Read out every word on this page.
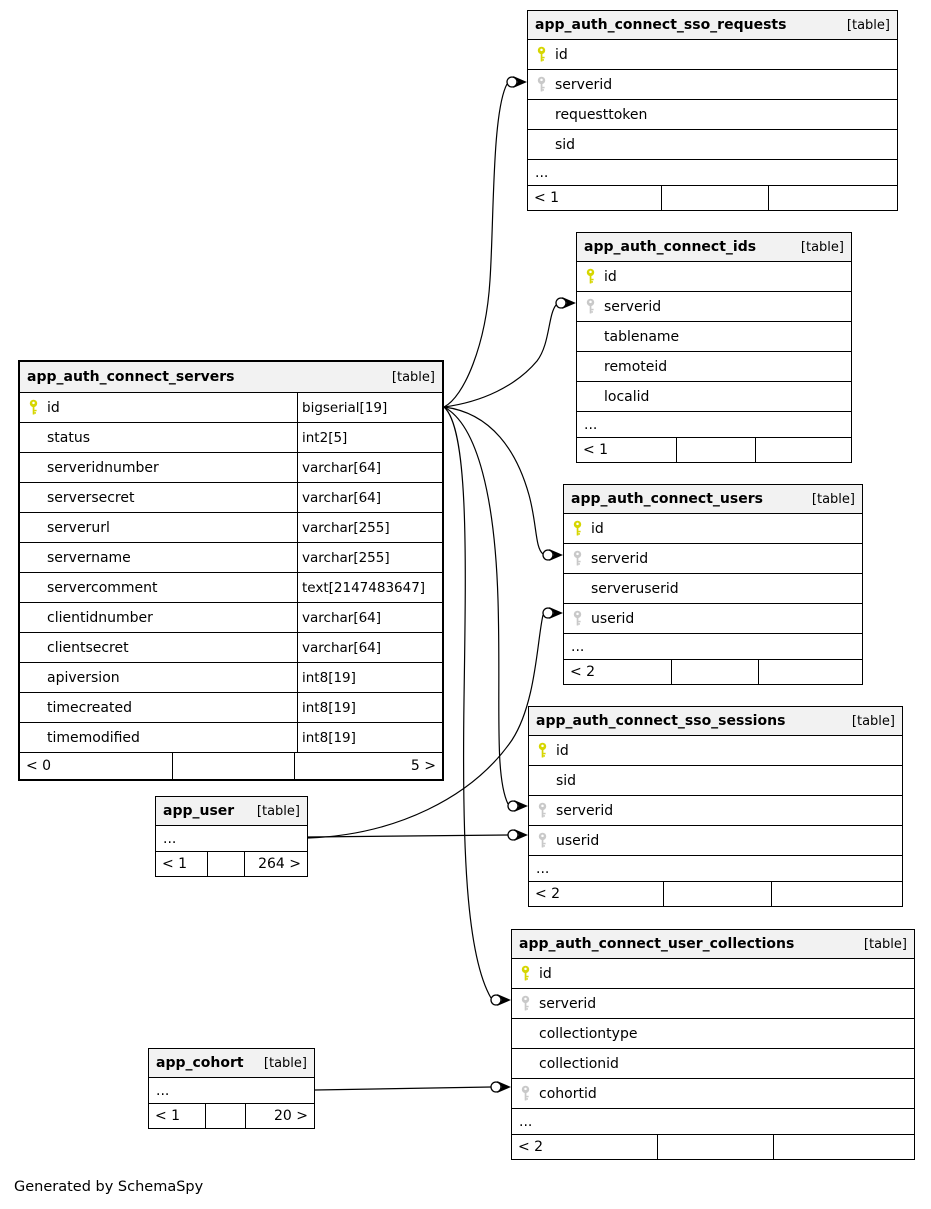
app_auth_connect_sso_requests	[table]
id
serverid
requesttoken
sid
...
< 1
app_auth_connect_ids	[table]
id
serverid
tablename
remoteid
localid
...
< 1
app_auth_connect_servers	[table]
id	bigserial[19]
status	int2[5]
serveridnumber	varchar[64]
serversecret	varchar[64]
serverurl	varchar[255]
servername	varchar[255]
servercomment	text[2147483647]
clientidnumber	varchar[64]
clientsecret	varchar[64]
apiversion	int8[19]
timecreated	int8[19]
timemodified	int8[19]
< 0	5 >
app_auth_connect_users	[table]
id
serverid
serveruserid
userid
...
< 2
app_auth_connect_sso_sessions	[table]
id
sid
serverid
userid
...
< 2
app_user [table]
...
< 1	264 >
app_auth_connect_user_collections	[table]
id
serverid
collectiontype
collectionid
cohortid
...
< 2
app_cohort [table]
...
< 1	20 >
Generated by SchemaSpy
